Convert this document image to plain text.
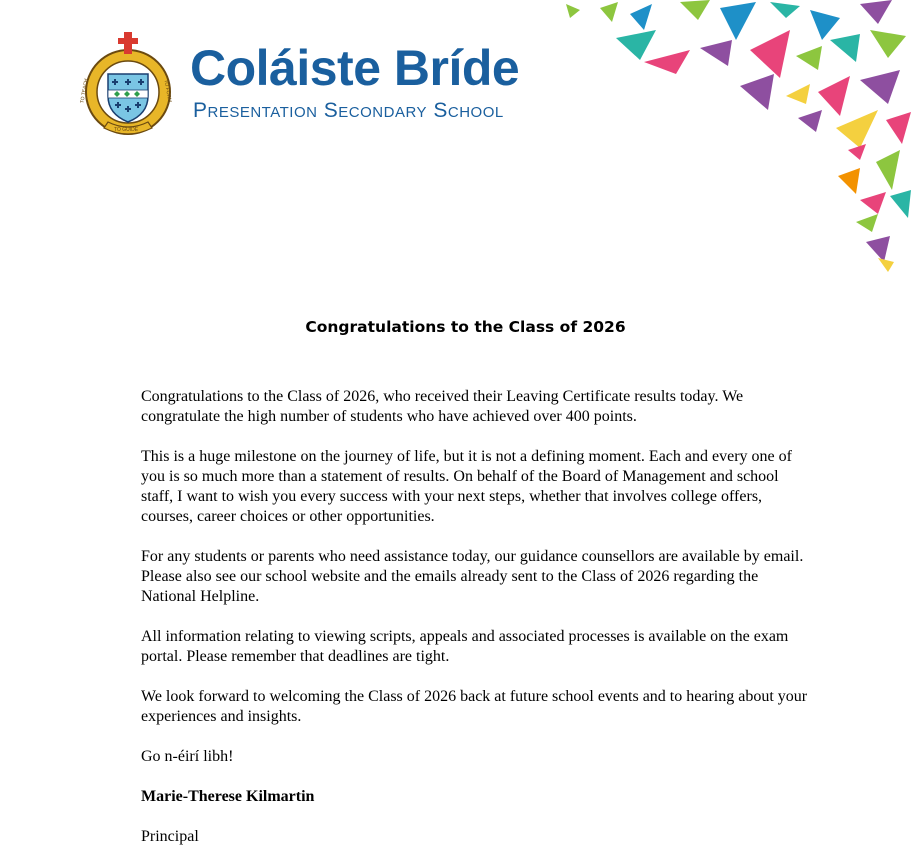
TO TEACH
TO GUIDE
TO FORM Coláiste Bríde
Presentation Secondary School
Congratulations to the Class of 2026

Congratulations to the Class of 2026, who received their Leaving Certificate results today. We congratulate the high number of students who have achieved over 400 points.

This is a huge milestone on the journey of life, but it is not a defining moment. Each and every one of you is so much more than a statement of results. On behalf of the Board of Management and school staff, I want to wish you every success with your next steps, whether that involves college offers, courses, career choices or other opportunities.

For any students or parents who need assistance today, our guidance counsellors are available by email. Please also see our school website and the emails already sent to the Class of 2026 regarding the National Helpline.

All information relating to viewing scripts, appeals and associated processes is available on the exam portal. Please remember that deadlines are tight.

We look forward to welcoming the Class of 2026 back at future school events and to hearing about your experiences and insights.

Go n-éirí libh!

Marie-Therese Kilmartin

Principal
